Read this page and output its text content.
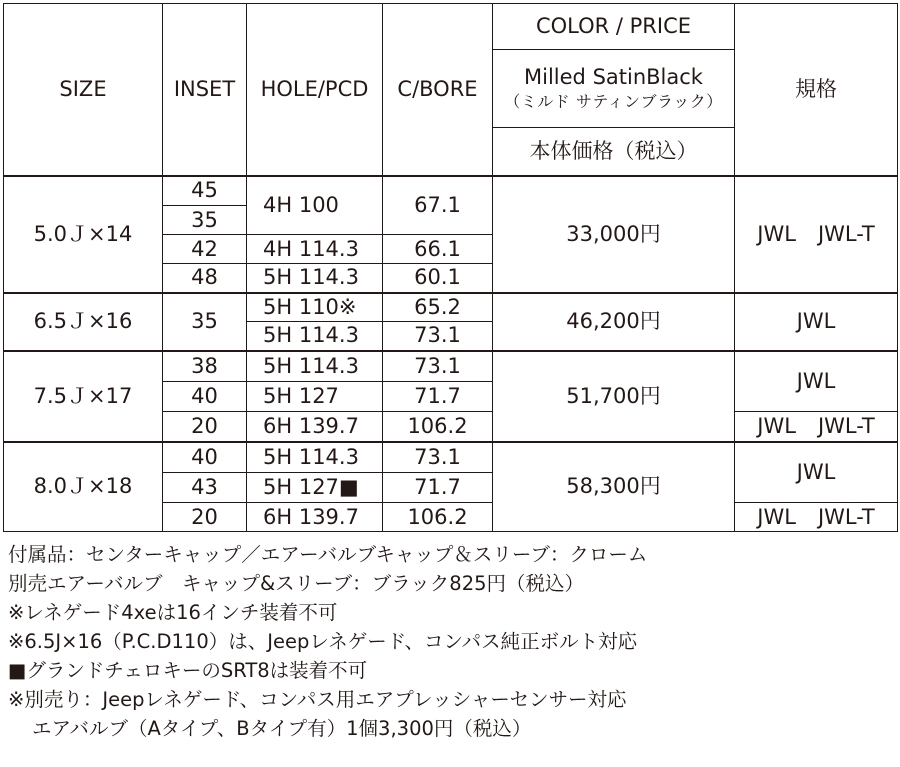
SIZE	INSET	HOLE/PCD	C/BORE	COLOR / PRICE	規格

				Milled SatinBlack
（ミルド サティンブラック）	

				本体価格（税込）	
5.0Ｊ×14	45	4H 100	67.1	33,000円	JWL JWL-T
	35				
	42	4H 114.3	66.1		
	48	5H 114.3	60.1		
6.5Ｊ×16	35	5H 110※	65.2	46,200円	JWL
		5H 114.3	73.1		
7.5Ｊ×17	38	5H 114.3	73.1	51,700円	JWL
	40	5H 127	71.7		
	20	6H 139.7	106.2		JWL JWL-T
8.0Ｊ×18	40	5H 114.3	73.1	58,300円	JWL
	43	5H 127■	71.7		
	20	6H 139.7	106.2		JWL JWL-T
付属品：センターキャップ／エアーバルブキャップ＆スリーブ：クローム
別売エアーバルブ　キャップ&スリーブ：ブラック825円（税込）
※レネゲード4xeは16インチ装着不可
※6.5J×16（P.C.D110）は、Jeepレネゲード、コンパス純正ボルト対応
■グランドチェロキーのSRT8は装着不可
※別売り：Jeepレネゲード、コンパス用エアプレッシャーセンサー対応
エアバルブ（Aタイプ、Bタイプ有）1個3,300円（税込）
